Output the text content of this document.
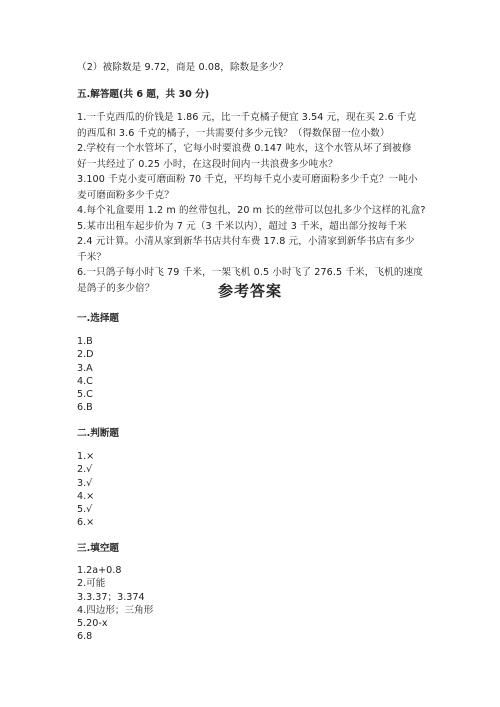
（2）被除数是 9.72，商是 0.08，除数是多少？
五.解答题(共 6 题，共 30 分)
1.一千克西瓜的价钱是 1.86 元，比一千克橘子便宜 3.54 元，现在买 2.6 千克
的西瓜和 3.6 千克的橘子，一共需要付多少元钱？（得数保留一位小数）
2.学校有一个水管坏了，它每小时要浪费 0.147 吨水，这个水管从坏了到被修
好一共经过了 0.25 小时，在这段时间内一共浪费多少吨水？
3.100 千克小麦可磨面粉 70 千克，平均每千克小麦可磨面粉多少千克？一吨小
麦可磨面粉多少千克？
4.每个礼盒要用 1.2 m 的丝带包扎，20 m 长的丝带可以包扎多少个这样的礼盒?
5.某市出租车起步价为 7 元（3 千米以内），超过 3 千米，超出部分按每千米
2.4 元计算。小清从家到新华书店共付车费 17.8 元，小清家到新华书店有多少
千米？
6.一只鸽子每小时飞 79 千米，一架飞机 0.5 小时飞了 276.5 千米，飞机的速度
是鸽子的多少倍？	参考答案
一.选择题
1.B
2.D
3.A
4.C
5.C
6.B
二.判断题
1.×
2.√
3.√
4.×
5.√
6.×
三.填空题
1.2a+0.8
2.可能
3.3.37；3.374
4.四边形；三角形
5.20-x
6.8
